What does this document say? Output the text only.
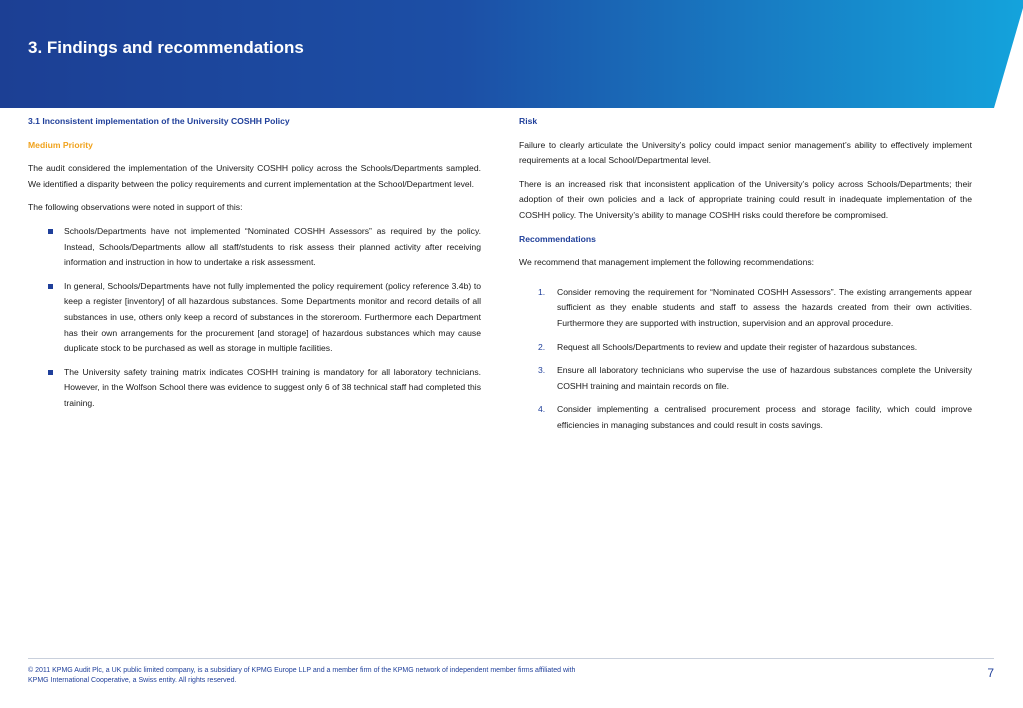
3. Findings and recommendations
3.1 Inconsistent implementation of the University COSHH Policy
Medium Priority

The audit considered the implementation of the University COSHH policy across the Schools/Departments sampled. We identified a disparity between the policy requirements and current implementation at the School/Department level.

The following observations were noted in support of this:

Schools/Departments have not implemented “Nominated COSHH Assessors” as required by the policy. Instead, Schools/Departments allow all staff/students to risk assess their planned activity after receiving information and instruction in how to undertake a risk assessment.
In general, Schools/Departments have not fully implemented the policy requirement (policy reference 3.4b) to keep a register [inventory] of all hazardous substances. Some Departments monitor and record details of all substances in use, others only keep a record of substances in the storeroom. Furthermore each Department has their own arrangements for the procurement [and storage] of hazardous substances which may cause duplicate stock to be purchased as well as storage in multiple facilities.
The University safety training matrix indicates COSHH training is mandatory for all laboratory technicians. However, in the Wolfson School there was evidence to suggest only 6 of 38 technical staff had completed this training.
Risk

Failure to clearly articulate the University’s policy could impact senior management’s ability to effectively implement requirements at a local School/Departmental level.

There is an increased risk that inconsistent application of the University’s policy across Schools/Departments; their adoption of their own policies and a lack of appropriate training could result in inadequate implementation of the COSHH policy. The University’s ability to manage COSHH risks could therefore be compromised.

Recommendations

We recommend that management implement the following recommendations:

1. Consider removing the requirement for “Nominated COSHH Assessors”. The existing arrangements appear sufficient as they enable students and staff to assess the hazards created from their own activities. Furthermore they are supported with instruction, supervision and an approval procedure.
2. Request all Schools/Departments to review and update their register of hazardous substances.
3. Ensure all laboratory technicians who supervise the use of hazardous substances complete the University COSHH training and maintain records on file.
4. Consider implementing a centralised procurement process and storage facility, which could improve efficiencies in managing substances and could result in costs savings.
© 2011 KPMG Audit Plc, a UK public limited company, is a subsidiary of KPMG Europe LLP and a member firm of the KPMG network of independent member firms affiliated with
KPMG International Cooperative, a Swiss entity. All rights reserved.
7
